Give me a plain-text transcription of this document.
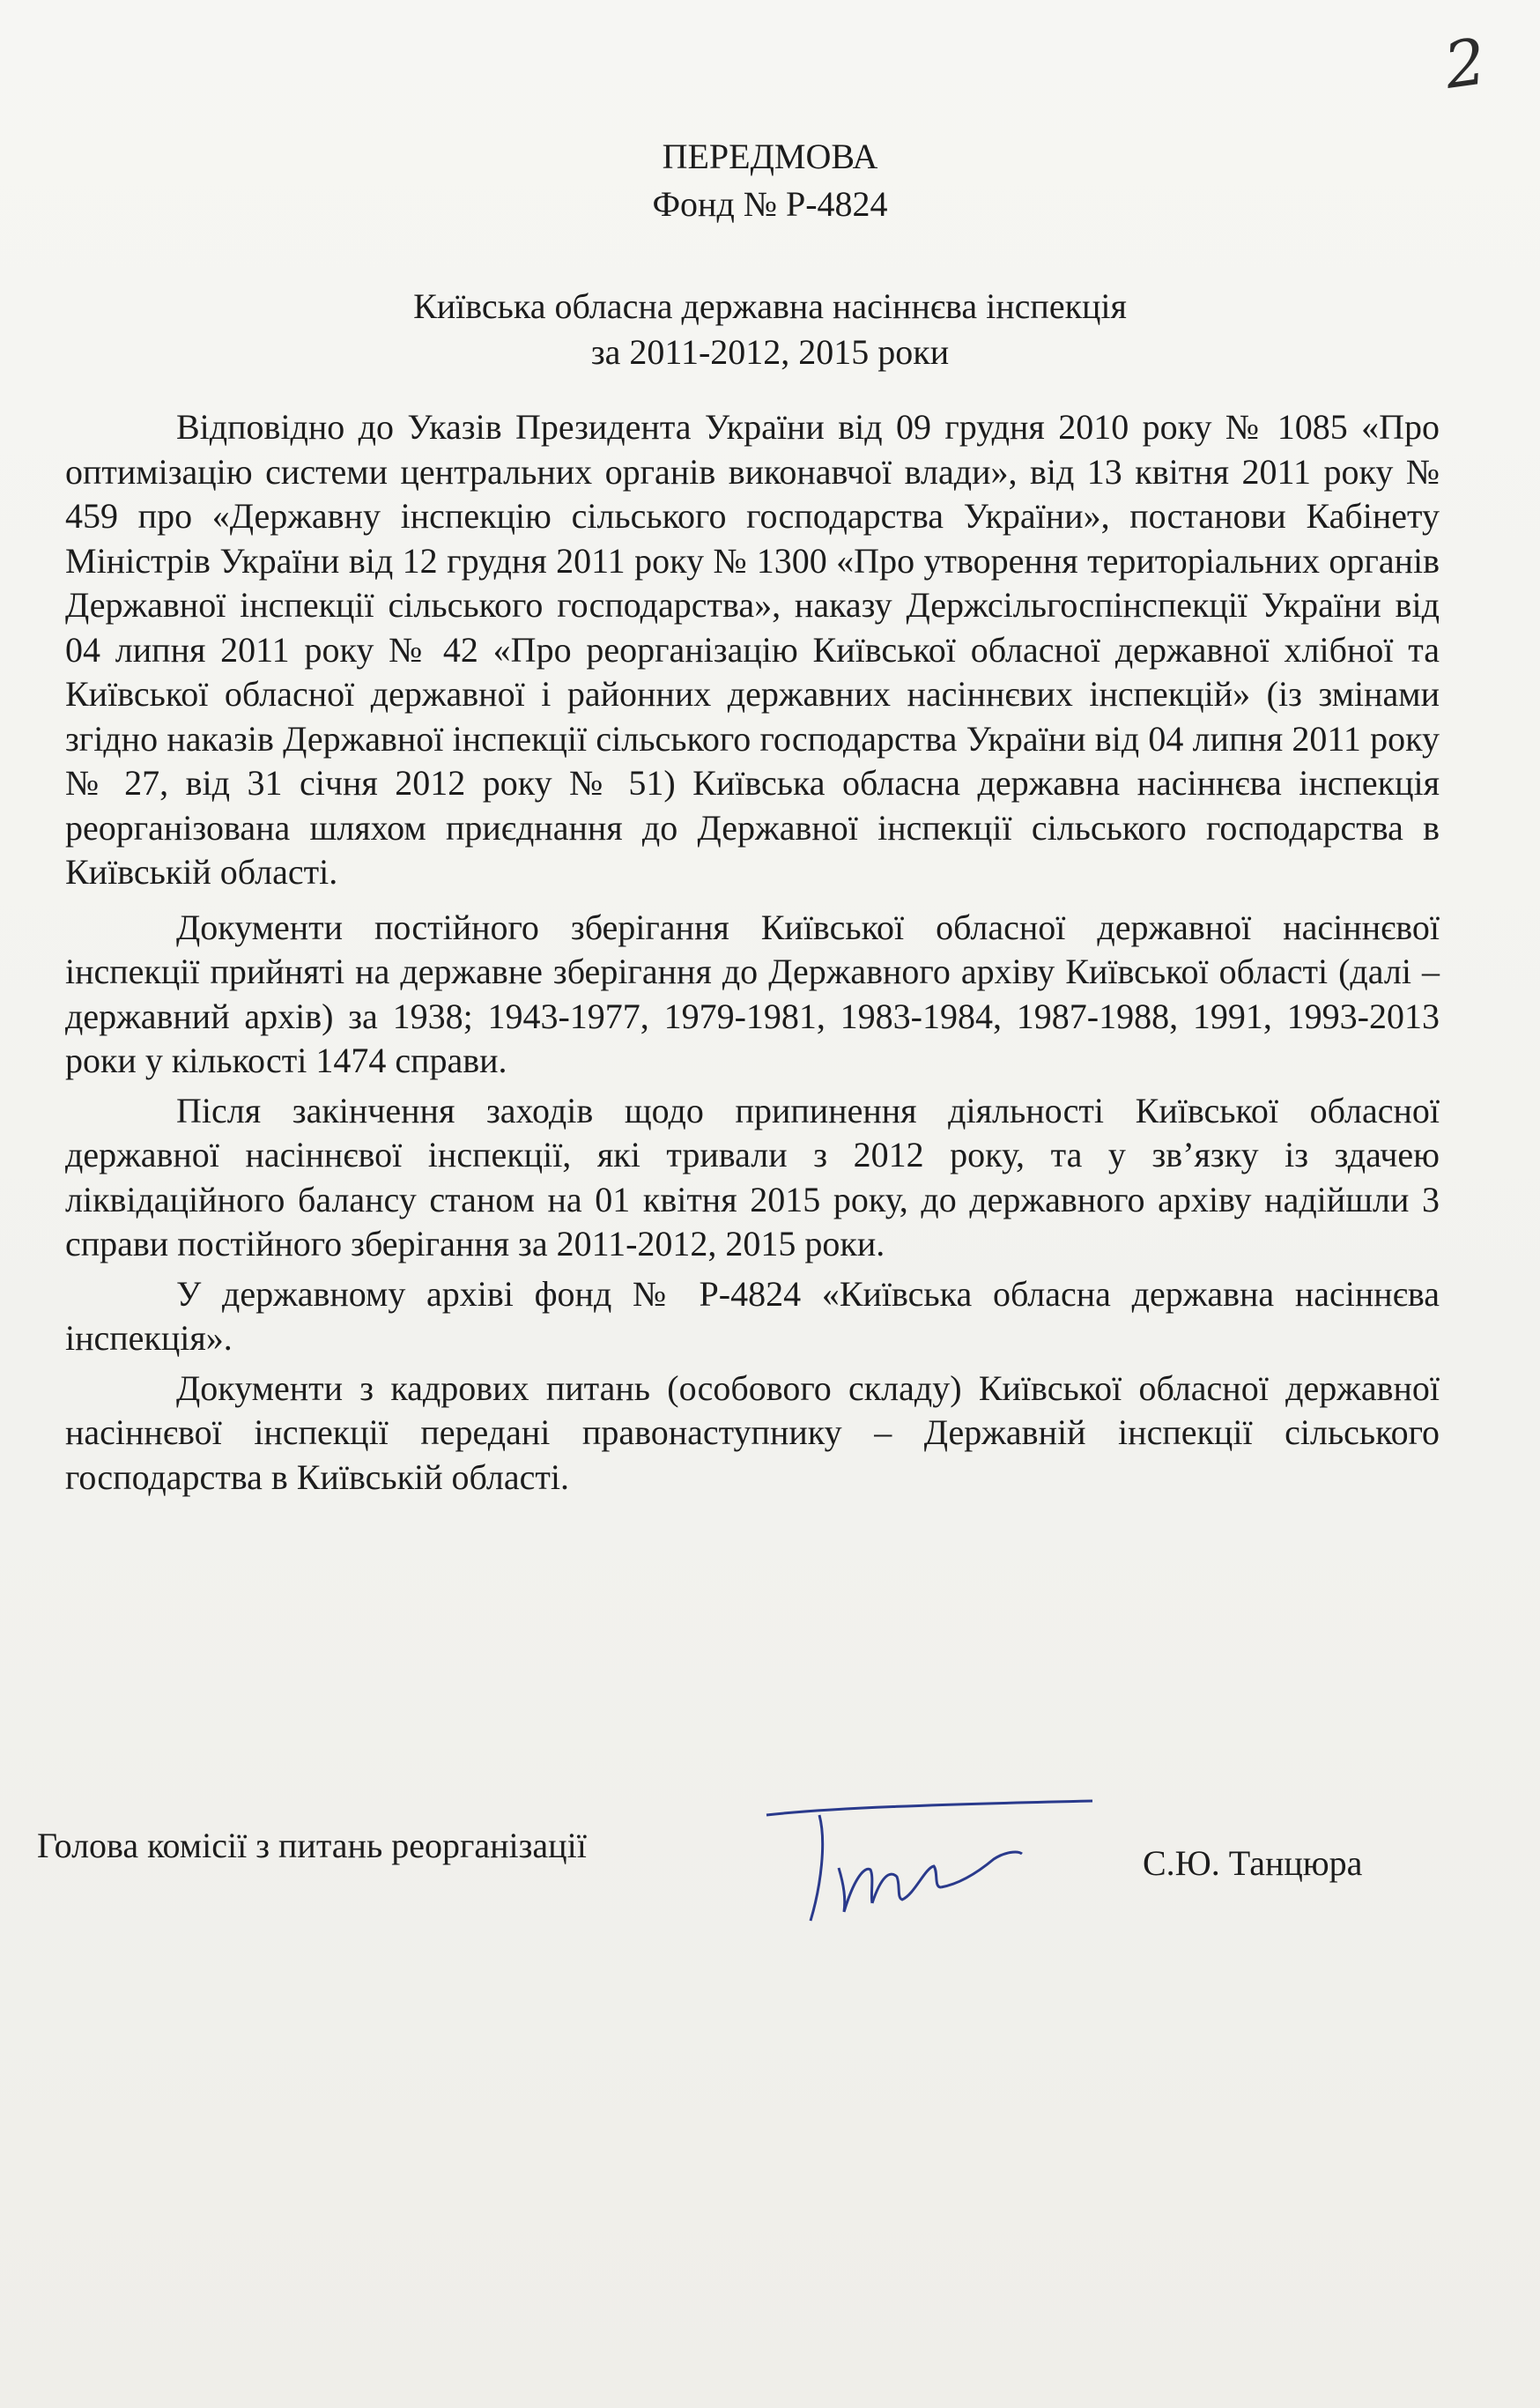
2
ПЕРЕДМОВА
Фонд № Р-4824
Київська обласна державна насіннєва інспекція
за 2011-2012, 2015 роки

Відповідно до Указів Президента України від 09 грудня 2010 року № 1085 «Про оптимізацію системи центральних органів виконавчої влади», від 13 квітня 2011 року № 459 про «Державну інспекцію сільського господарства України», постанови Кабінету Міністрів України від 12 грудня 2011 року № 1300 «Про утворення територіальних органів Державної інспекції сільського господарства», наказу Держсільгоспінспекції України від 04 липня 2011 року № 42 «Про реорганізацію Київської обласної державної хлібної та Київської обласної державної і районних державних насіннєвих інспекцій» (із змінами згідно наказів Державної інспекції сільського господарства України від 04 липня 2011 року № 27, від 31 січня 2012 року № 51) Київська обласна державна насіннєва інспекція реорганізована шляхом приєднання до Державної інспекції сільського господарства в Київській області.

Документи постійного зберігання Київської обласної державної насіннєвої інспекції прийняті на державне зберігання до Державного архіву Київської області (далі – державний архів) за 1938; 1943-1977, 1979-1981, 1983-1984, 1987-1988, 1991, 1993-2013 роки у кількості 1474 справи.

Після закінчення заходів щодо припинення діяльності Київської обласної державної насіннєвої інспекції, які тривали з 2012 року, та у зв’язку із здачею ліквідаційного балансу станом на 01 квітня 2015 року, до державного архіву надійшли 3 справи постійного зберігання за 2011-2012, 2015 роки.

У державному архіві фонд № Р-4824 «Київська обласна державна насіннєва інспекція».

Документи з кадрових питань (особового складу) Київської обласної державної насіннєвої інспекції передані правонаступнику – Державній інспекції сільського господарства в Київській області.

Голова комісії з питань реорганізації	С.Ю. Танцюра
